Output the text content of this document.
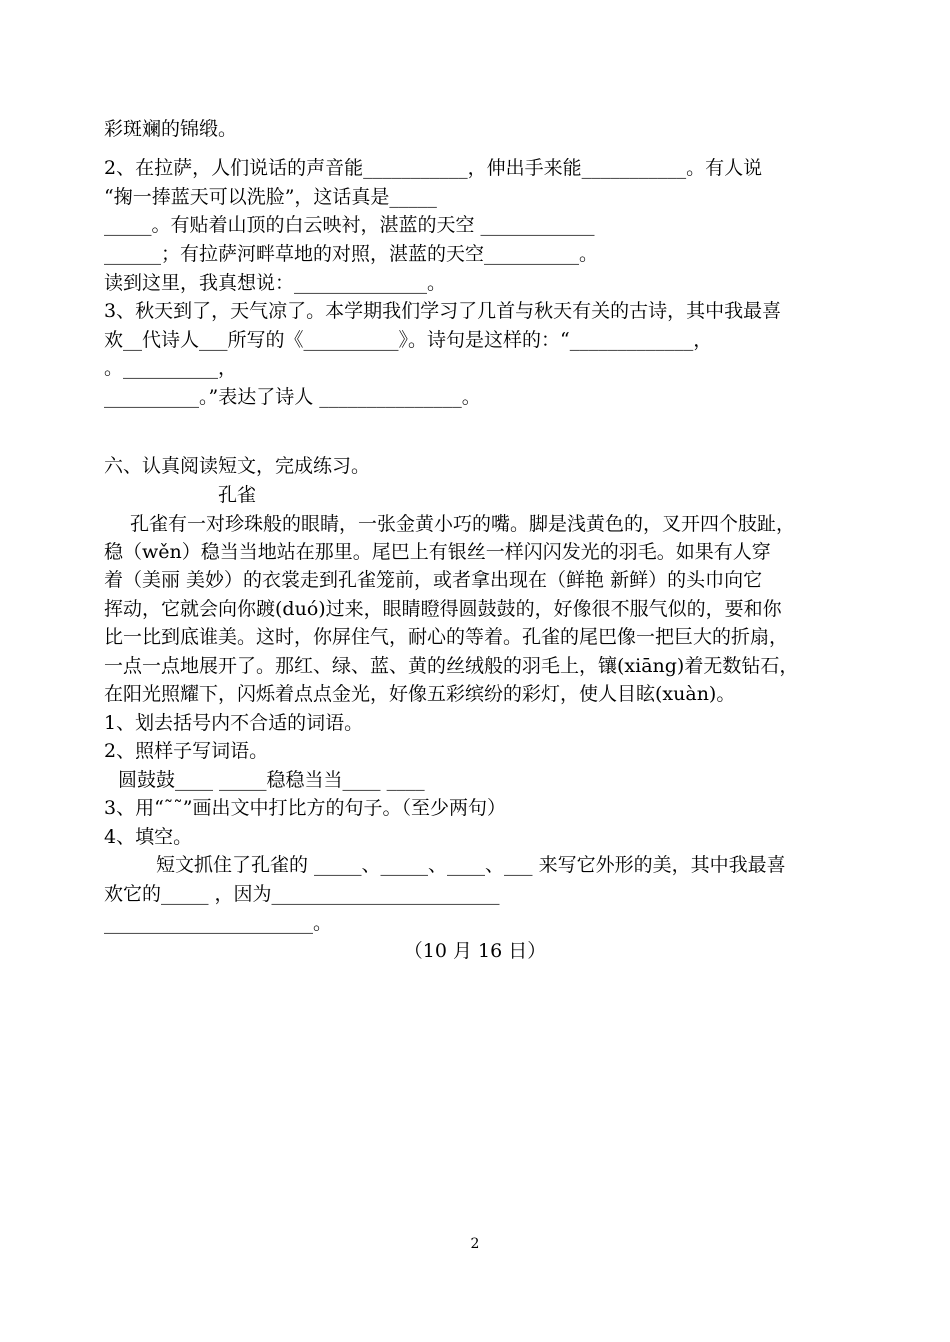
彩斑斓的锦缎。
2、在拉萨，人们说话的声音能___________，伸出手来能___________。有人说
“掬一捧蓝天可以洗脸”，这话真是_____
_____。有贴着山顶的白云映衬，湛蓝的天空 ____________
______；有拉萨河畔草地的对照，湛蓝的天空__________。
读到这里，我真想说：______________。
3、秋天到了，天气凉了。本学期我们学习了几首与秋天有关的古诗，其中我最喜
欢__代诗人___所写的《__________》。诗句是这样的：“_____________，
。__________，
__________。”表达了诗人 _______________。
六、认真阅读短文，完成练习。
孔雀
孔雀有一对珍珠般的眼睛，一张金黄小巧的嘴。脚是浅黄色的，叉开四个肢趾，
稳（wěn）稳当当地站在那里。尾巴上有银丝一样闪闪发光的羽毛。如果有人穿
着（美丽 美妙）的衣裳走到孔雀笼前，或者拿出现在（鲜艳 新鲜）的头巾向它
挥动，它就会向你踱(duó)过来，眼睛瞪得圆鼓鼓的，好像很不服气似的，要和你
比一比到底谁美。这时，你屏住气，耐心的等着。孔雀的尾巴像一把巨大的折扇，
一点一点地展开了。那红、绿、蓝、黄的丝绒般的羽毛上，镶(xiāng)着无数钻石，
在阳光照耀下，闪烁着点点金光，好像五彩缤纷的彩灯，使人目眩(xuàn)。
1、划去括号内不合适的词语。
2、照样子写词语。
圆鼓鼓____ _____稳稳当当____ ____
3、用“˜˜”画出文中打比方的句子。（至少两句）
4、填空。
短文抓住了孔雀的 _____、_____、____、___ 来写它外形的美，其中我最喜
欢它的_____ ，因为________________________
______________________。
（10 月 16 日）
2
